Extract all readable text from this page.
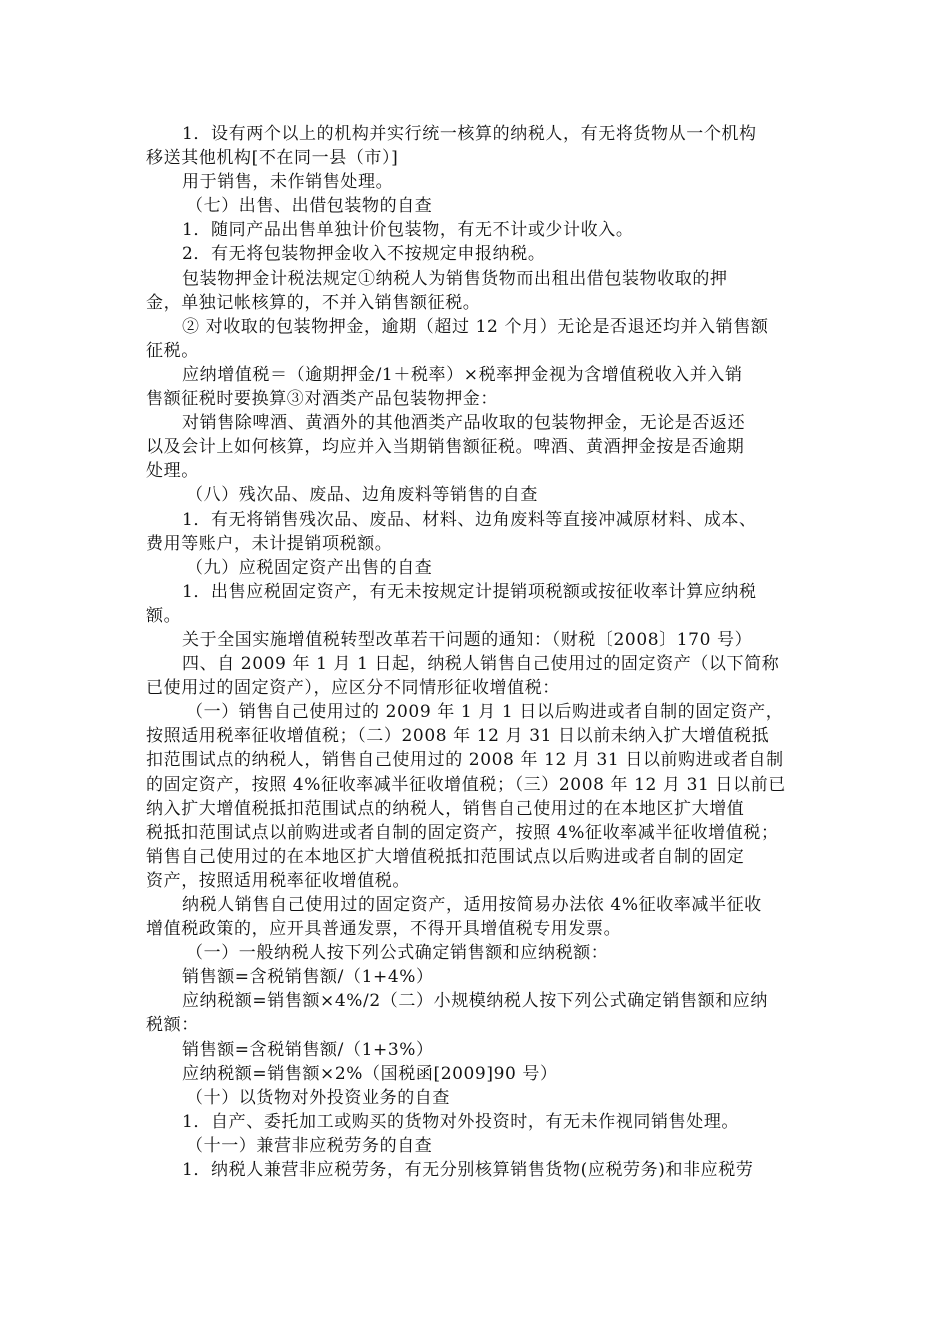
1．设有两个以上的机构并实行统一核算的纳税人，有无将货物从一个机构
移送其他机构[不在同一县（市）]
用于销售，未作销售处理。
（七）出售、出借包装物的自查
1．随同产品出售单独计价包装物，有无不计或少计收入。
2．有无将包装物押金收入不按规定申报纳税。
包装物押金计税法规定①纳税人为销售货物而出租出借包装物收取的押
金，单独记帐核算的，不并入销售额征税。
② 对收取的包装物押金，逾期（超过 12 个月）无论是否退还均并入销售额
征税。
应纳增值税＝（逾期押金/1＋税率）×税率押金视为含增值税收入并入销
售额征税时要换算③对酒类产品包装物押金：
对销售除啤酒、黄酒外的其他酒类产品收取的包装物押金，无论是否返还
以及会计上如何核算，均应并入当期销售额征税。啤酒、黄酒押金按是否逾期
处理。
（八）残次品、废品、边角废料等销售的自查
1．有无将销售残次品、废品、材料、边角废料等直接冲减原材料、成本、
费用等账户，未计提销项税额。
（九）应税固定资产出售的自查
1．出售应税固定资产，有无未按规定计提销项税额或按征收率计算应纳税
额。
关于全国实施增值税转型改革若干问题的通知：（财税〔2008〕170 号）
四、自 2009 年 1 月 1 日起，纳税人销售自己使用过的固定资产（以下简称
已使用过的固定资产），应区分不同情形征收增值税：
（一）销售自己使用过的 2009 年 1 月 1 日以后购进或者自制的固定资产，
按照适用税率征收增值税；（二）2008 年 12 月 31 日以前未纳入扩大增值税抵
扣范围试点的纳税人，销售自己使用过的 2008 年 12 月 31 日以前购进或者自制
的固定资产，按照 4%征收率减半征收增值税；（三）2008 年 12 月 31 日以前已
纳入扩大增值税抵扣范围试点的纳税人，销售自己使用过的在本地区扩大增值
税抵扣范围试点以前购进或者自制的固定资产，按照 4%征收率减半征收增值税；
销售自己使用过的在本地区扩大增值税抵扣范围试点以后购进或者自制的固定
资产，按照适用税率征收增值税。
纳税人销售自己使用过的固定资产，适用按简易办法依 4%征收率减半征收
增值税政策的，应开具普通发票，不得开具增值税专用发票。
（一）一般纳税人按下列公式确定销售额和应纳税额：
销售额=含税销售额/（1+4%）
应纳税额=销售额×4%/2（二）小规模纳税人按下列公式确定销售额和应纳
税额：
销售额=含税销售额/（1+3%）
应纳税额=销售额×2%（国税函[2009]90 号）
（十）以货物对外投资业务的自查
1．自产、委托加工或购买的货物对外投资时，有无未作视同销售处理。
（十一）兼营非应税劳务的自查
1．纳税人兼营非应税劳务，有无分别核算销售货物(应税劳务)和非应税劳
